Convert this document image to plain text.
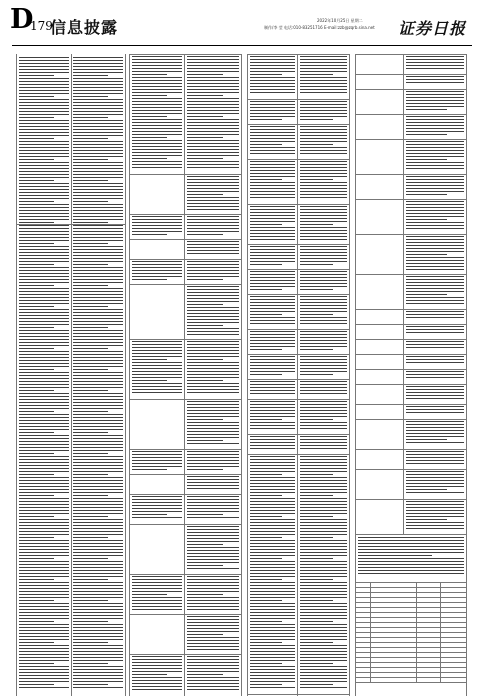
D
179
信息披露	2022年10月25日 星期二
制作/李 莹 电话:010-83251716 E-mail:zzb@zqrb.sina.net 证券日报
